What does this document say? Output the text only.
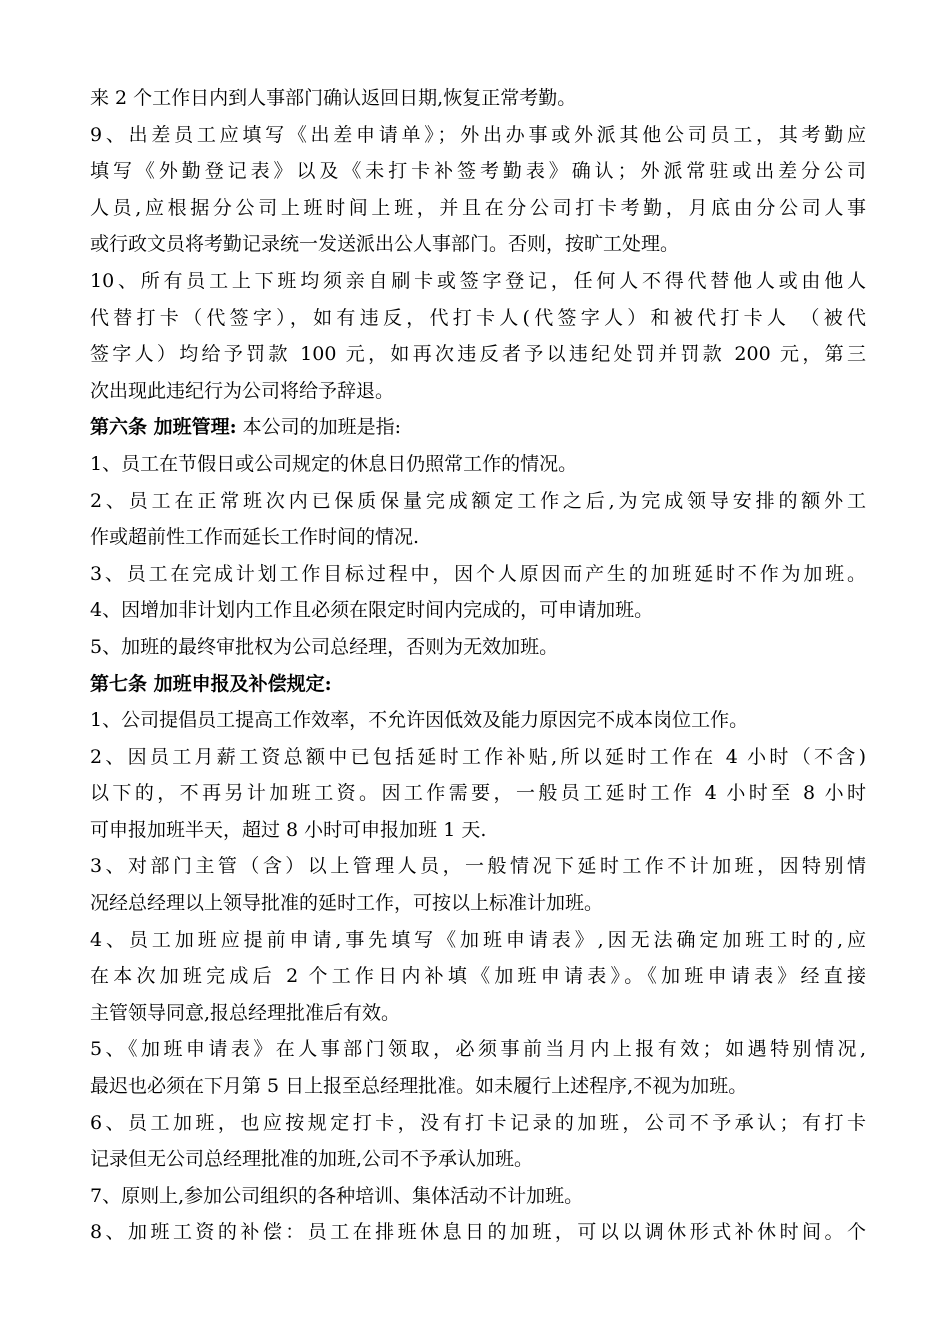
来 2 个工作日内到人事部门确认返回日期,恢复正常考勤。
9、出差员工应填写《出差申请单》；外出办事或外派其他公司员工，其考勤应
填写《外勤登记表》以及《未打卡补签考勤表》确认；外派常驻或出差分公司
人员,应根据分公司上班时间上班，并且在分公司打卡考勤，月底由分公司人事
或行政文员将考勤记录统一发送派出公人事部门。否则，按旷工处理。
10、所有员工上下班均须亲自刷卡或签字登记，任何人不得代替他人或由他人
代替打卡（代签字），如有违反，代打卡人(代签字人）和被代打卡人 （被代
签字人）均给予罚款 100 元，如再次违反者予以违纪处罚并罚款 200 元，第三
次出现此违纪行为公司将给予辞退。
第六条 加班管理: 本公司的加班是指:
1、员工在节假日或公司规定的休息日仍照常工作的情况。
2、员工在正常班次内已保质保量完成额定工作之后,为完成领导安排的额外工
作或超前性工作而延长工作时间的情况.
3、员工在完成计划工作目标过程中，因个人原因而产生的加班延时不作为加班。
4、因增加非计划内工作且必须在限定时间内完成的，可申请加班。
5、加班的最终审批权为公司总经理，否则为无效加班。
第七条 加班申报及补偿规定:
1、公司提倡员工提高工作效率，不允许因低效及能力原因完不成本岗位工作。
2、因员工月薪工资总额中已包括延时工作补贴,所以延时工作在 4 小时（不含)
以下的，不再另计加班工资。因工作需要，一般员工延时工作 4 小时至 8 小时
可申报加班半天，超过 8 小时可申报加班 1 天.
3、对部门主管（含）以上管理人员，一般情况下延时工作不计加班，因特别情
况经总经理以上领导批准的延时工作，可按以上标准计加班。
4、员工加班应提前申请,事先填写《加班申请表》,因无法确定加班工时的,应
在本次加班完成后 2 个工作日内补填《加班申请表》。《加班申请表》经直接
主管领导同意,报总经理批准后有效。
5、《加班申请表》在人事部门领取，必须事前当月内上报有效；如遇特别情况,
最迟也必须在下月第 5 日上报至总经理批准。如未履行上述程序,不视为加班。
6、员工加班，也应按规定打卡，没有打卡记录的加班，公司不予承认；有打卡
记录但无公司总经理批准的加班,公司不予承认加班。
7、原则上,参加公司组织的各种培训、集体活动不计加班。
8、加班工资的补偿：员工在排班休息日的加班，可以以调休形式补休时间。个
